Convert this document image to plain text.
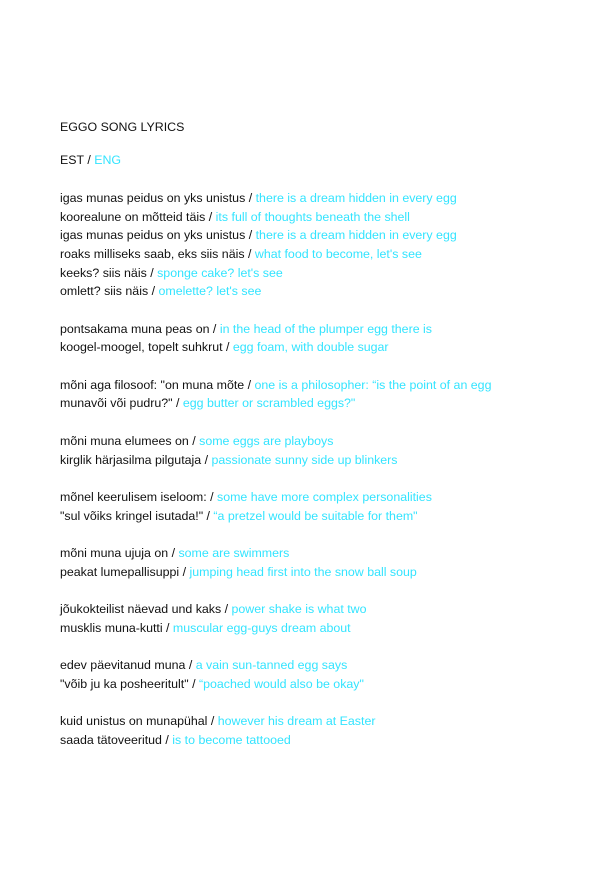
EGGO SONG LYRICS
EST / ENG
igas munas peidus on yks unistus / there is a dream hidden in every egg
koorealune on mõtteid täis / its full of thoughts beneath the shell
igas munas peidus on yks unistus / there is a dream hidden in every egg
roaks milliseks saab, eks siis näis / what food to become, let's see
keeks? siis näis / sponge cake? let's see
omlett? siis näis / omelette? let's see
pontsakama muna peas on / in the head of the plumper egg there is
koogel-moogel, topelt suhkrut / egg foam, with double sugar
mõni aga filosoof: "on muna mõte / one is a philosopher: “is the point of an egg
munavõi või pudru?" / egg butter or scrambled eggs?"
mõni muna elumees on / some eggs are playboys
kirglik härjasilma pilgutaja / passionate sunny side up blinkers
mõnel keerulisem iseloom: / some have more complex personalities
"sul võiks kringel isutada!" / “a pretzel would be suitable for them"
mõni muna ujuja on / some are swimmers
peakat lumepallisuppi / jumping head first into the snow ball soup
jõukokteilist näevad und kaks / power shake is what two
musklis muna-kutti / muscular egg-guys dream about
edev päevitanud muna / a vain sun-tanned egg says
"võib ju ka posheeritult" / “poached would also be okay"
kuid unistus on munapühal / however his dream at Easter
saada tätoveeritud / is to become tattooed
